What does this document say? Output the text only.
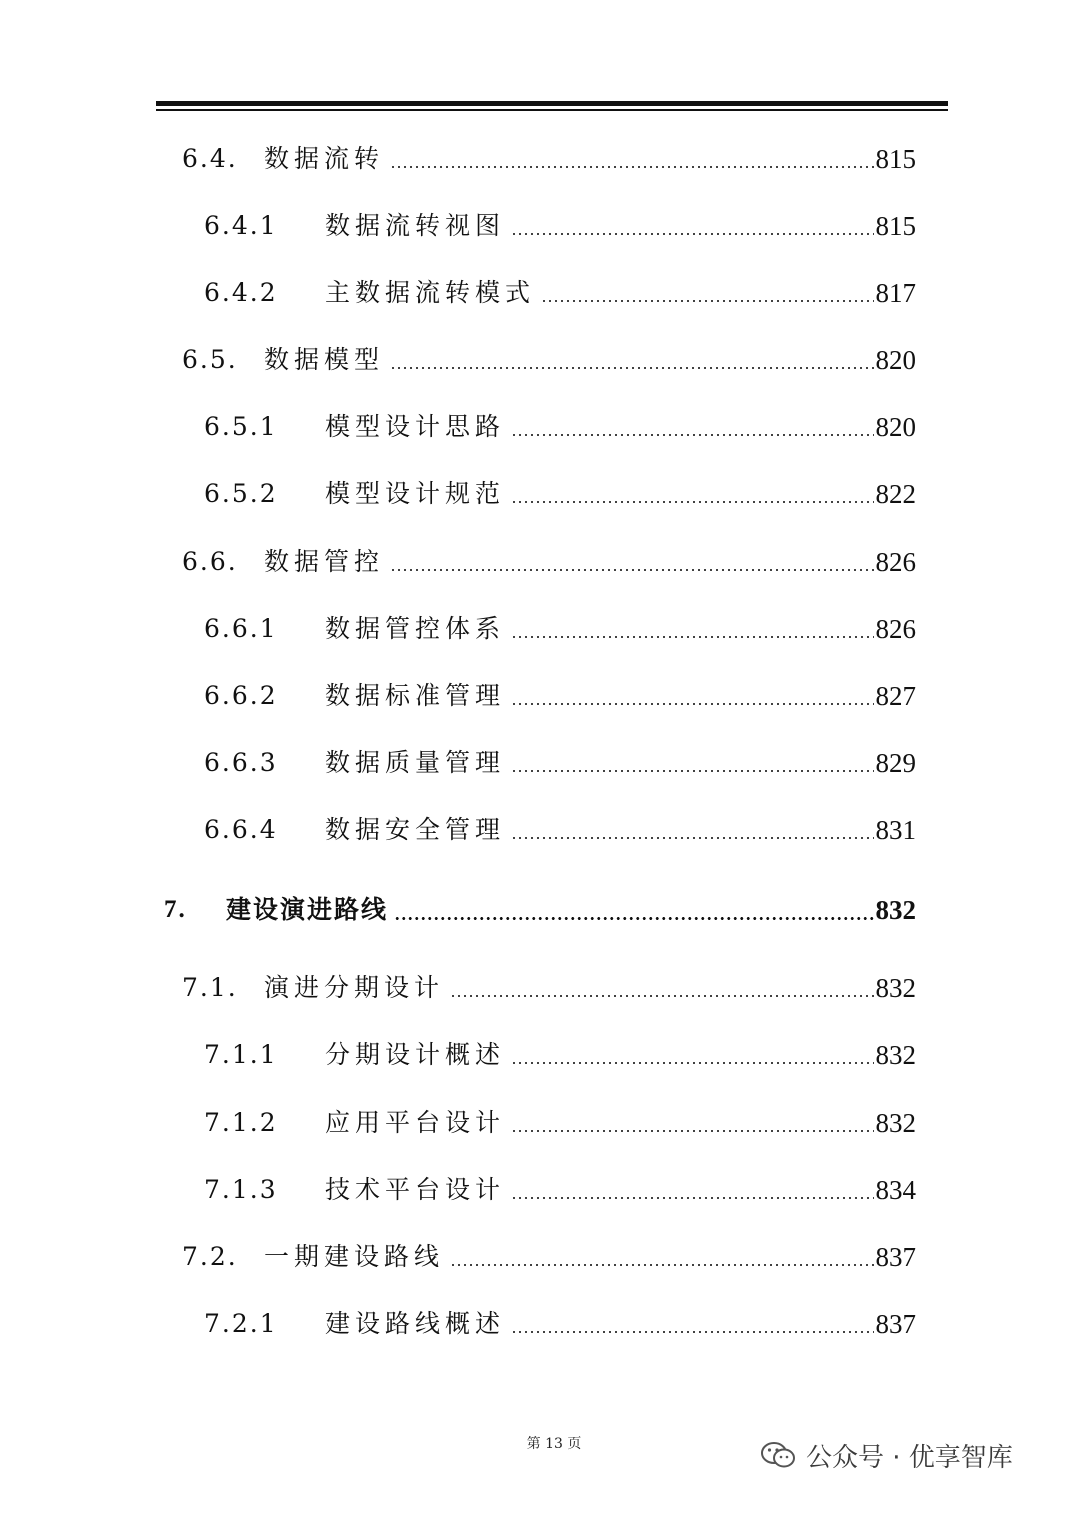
6.4.	数据流转	815
6.4.1	数据流转视图	815
6.4.2	主数据流转模式	817
6.5.	数据模型	820
6.5.1	模型设计思路	820
6.5.2	模型设计规范	822
6.6.	数据管控	826
6.6.1	数据管控体系	826
6.6.2	数据标准管理	827
6.6.3	数据质量管理	829
6.6.4	数据安全管理	831
7.	建设演进路线	832
7.1.	演进分期设计	832
7.1.1	分期设计概述	832
7.1.2	应用平台设计	832
7.1.3	技术平台设计	834
7.2.	一期建设路线	837
7.2.1	建设路线概述	837
第 13 页	公众号 · 优享智库
